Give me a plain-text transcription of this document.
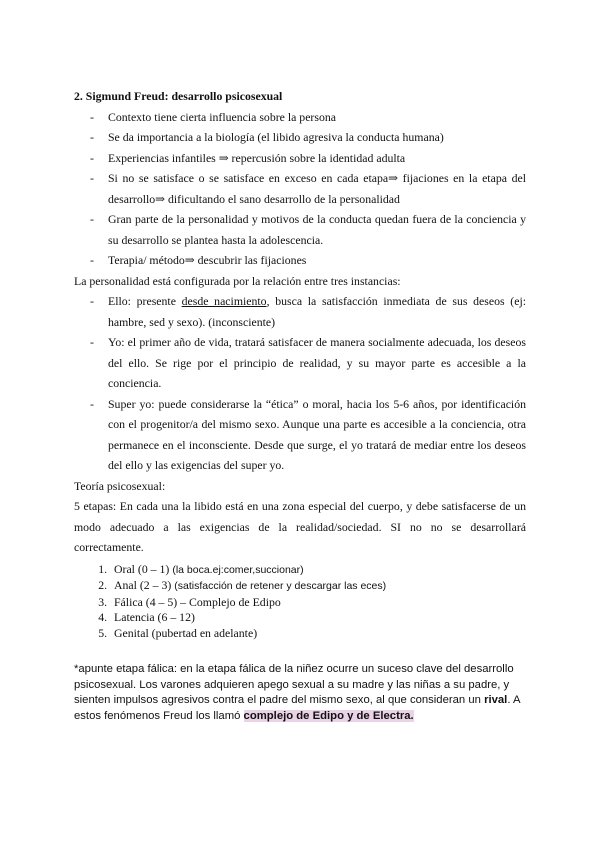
2. Sigmund Freud: desarrollo psicosexual
- Contexto tiene cierta influencia sobre la persona
- Se da importancia a la biología (el libido agresiva la conducta humana)
- Experiencias infantiles ⇒ repercusión sobre la identidad adulta
- Si no se satisface o se satisface en exceso en cada etapa⇒ fijaciones en la etapa del desarrollo⇒ dificultando el sano desarrollo de la personalidad
- Gran parte de la personalidad y motivos de la conducta quedan fuera de la conciencia y su desarrollo se plantea hasta la adolescencia.
- Terapia/ método⇒ descubrir las fijaciones
La personalidad está configurada por la relación entre tres instancias:
- Ello: presente desde nacimiento, busca la satisfacción inmediata de sus deseos (ej: hambre, sed y sexo). (inconsciente)
- Yo: el primer año de vida, tratará satisfacer de manera socialmente adecuada, los deseos del ello. Se rige por el principio de realidad, y su mayor parte es accesible a la conciencia.
- Super yo: puede considerarse la “ética” o moral, hacia los 5-6 años, por identificación con el progenitor/a del mismo sexo. Aunque una parte es accesible a la conciencia, otra permanece en el inconsciente. Desde que surge, el yo tratará de mediar entre los deseos del ello y las exigencias del super yo.
Teoría psicosexual:
5 etapas: En cada una la libido está en una zona especial del cuerpo, y debe satisfacerse de un modo adecuado a las exigencias de la realidad/sociedad. SI no no se desarrollará correctamente.
1. Oral (0 – 1) (la boca.ej:comer,succionar)
2. Anal (2 – 3) (satisfacción de retener y descargar las eces)
3. Fálica (4 – 5) – Complejo de Edipo
4. Latencia (6 – 12)
5. Genital (pubertad en adelante)
*apunte etapa fálica: en la etapa fálica de la niñez ocurre un suceso clave del desarrollo psicosexual. Los varones adquieren apego sexual a su madre y las niñas a su padre, y sienten impulsos agresivos contra el padre del mismo sexo, al que consideran un rival. A estos fenómenos Freud los llamó complejo de Edipo y de Electra.
